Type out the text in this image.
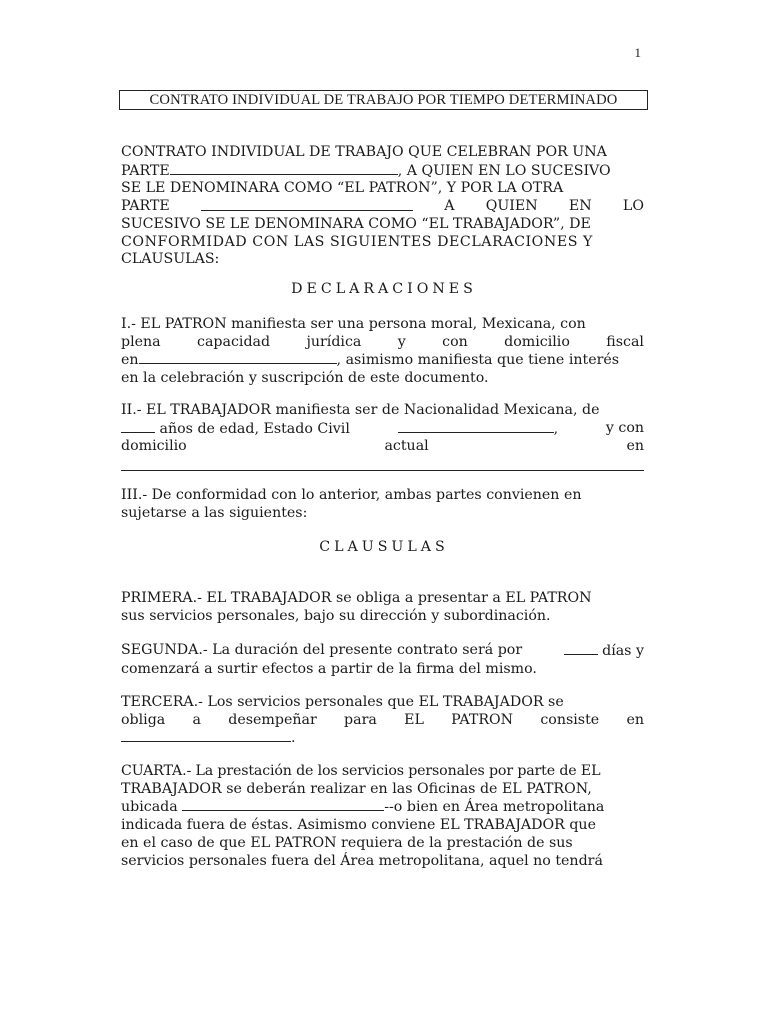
1
CONTRATO INDIVIDUAL DE TRABAJO POR TIEMPO DETERMINADO
CONTRATO INDIVIDUAL DE TRABAJO QUE CELEBRAN POR UNA
PARTE	, A QUIEN EN LO SUCESIVO
SE LE DENOMINARA COMO “EL PATRON”, Y POR LA OTRA
PARTE	A QUIEN EN LO
SUCESIVO SE LE DENOMINARA COMO “EL TRABAJADOR”, DE
CONFORMIDAD CON LAS SIGUIENTES DECLARACIONES Y
CLAUSULAS:
DECLARACIONES
I.- EL PATRON manifiesta ser una persona moral, Mexicana, con
plena	capacidad	jurídica	y	con	domicilio	fiscal
en	, asimismo manifiesta que tiene interés
en la celebración y suscripción de este documento.
II.- EL TRABAJADOR manifiesta ser de Nacionalidad Mexicana, de
años de edad, Estado Civil	,	y con
domicilio	actual	en
III.- De conformidad con lo anterior, ambas partes convienen en
sujetarse a las siguientes:
CLAUSULAS
PRIMERA.- EL TRABAJADOR se obliga a presentar a EL PATRON
sus servicios personales, bajo su dirección y subordinación.
SEGUNDA.- La duración del presente contrato será por	días y
comenzará a surtir efectos a partir de la firma del mismo.
TERCERA.- Los servicios personales que EL TRABAJADOR se
obliga a desempeñar para EL PATRON consiste en
.
CUARTA.- La prestación de los servicios personales por parte de EL
TRABAJADOR se deberán realizar en las Oficinas de EL PATRON,
ubicada	--o bien en Área metropolitana
indicada fuera de éstas. Asimismo conviene EL TRABAJADOR que
en el caso de que EL PATRON requiera de la prestación de sus
servicios personales fuera del Área metropolitana, aquel no tendrá
